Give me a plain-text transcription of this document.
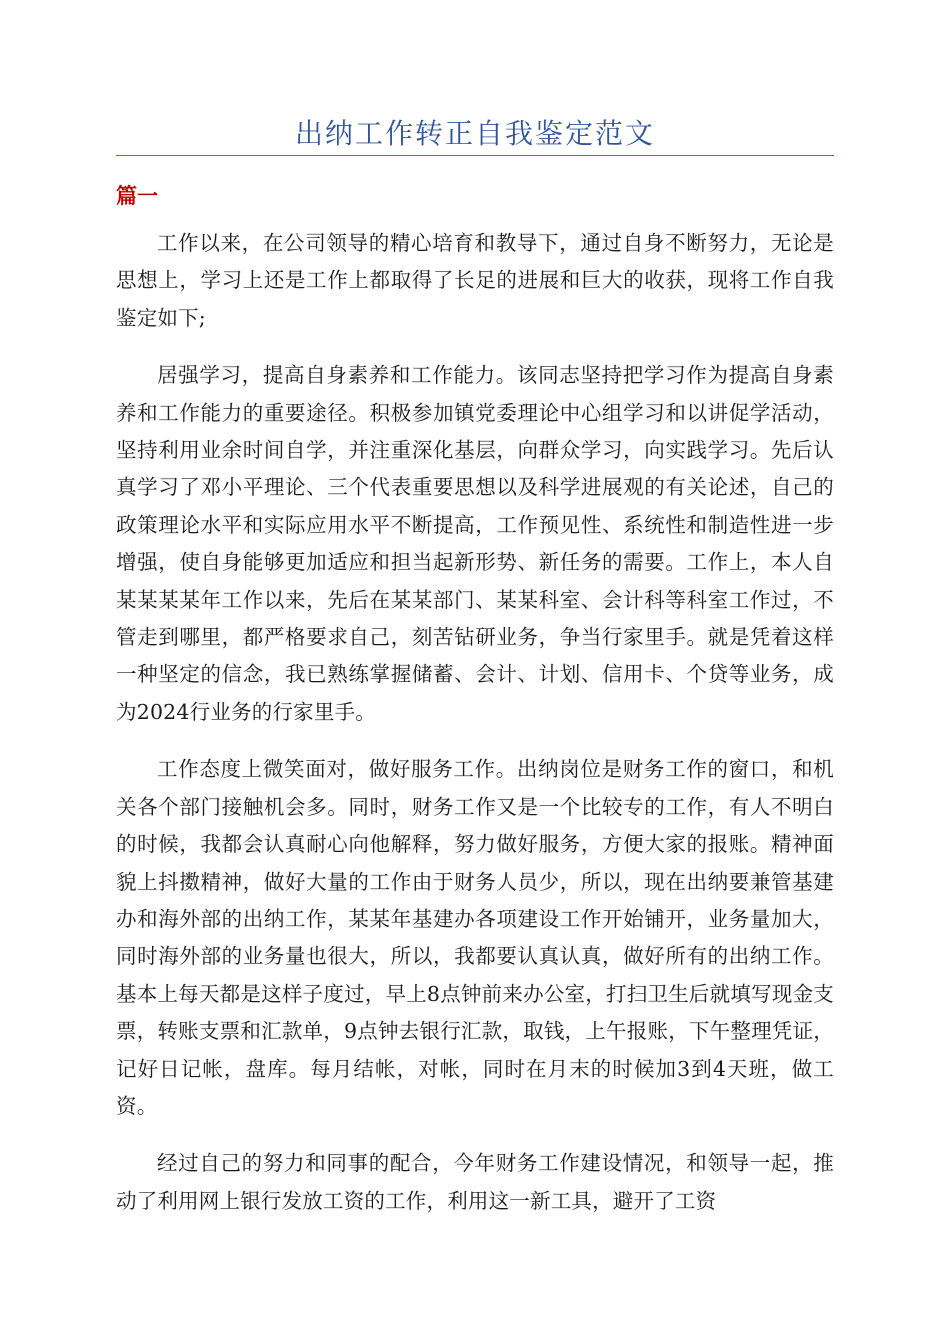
出纳工作转正自我鉴定范文
篇一

工作以来，在公司领导的精心培育和教导下，通过自身不断努力，无论是思想上，学习上还是工作上都取得了长足的进展和巨大的收获，现将工作自我鉴定如下;

居强学习，提高自身素养和工作能力。该同志坚持把学习作为提高自身素养和工作能力的重要途径。积极参加镇党委理论中心组学习和以讲促学活动，坚持利用业余时间自学，并注重深化基层，向群众学习，向实践学习。先后认真学习了邓小平理论、三个代表重要思想以及科学进展观的有关论述，自己的政策理论水平和实际应用水平不断提高，工作预见性、系统性和制造性进一步增强，使自身能够更加适应和担当起新形势、新任务的需要。工作上，本人自某某某某年工作以来，先后在某某部门、某某科室、会计科等科室工作过，不管走到哪里，都严格要求自己，刻苦钻研业务，争当行家里手。就是凭着这样一种坚定的信念，我已熟练掌握储蓄、会计、计划、信用卡、个贷等业务，成为2024行业务的行家里手。

工作态度上微笑面对，做好服务工作。出纳岗位是财务工作的窗口，和机关各个部门接触机会多。同时，财务工作又是一个比较专的工作，有人不明白的时候，我都会认真耐心向他解释，努力做好服务，方便大家的报账。精神面貌上抖擞精神，做好大量的工作由于财务人员少，所以，现在出纳要兼管基建办和海外部的出纳工作，某某年基建办各项建设工作开始铺开，业务量加大，同时海外部的业务量也很大，所以，我都要认真认真，做好所有的出纳工作。基本上每天都是这样子度过，早上8点钟前来办公室，打扫卫生后就填写现金支票，转账支票和汇款单，9点钟去银行汇款，取钱，上午报账，下午整理凭证，记好日记帐，盘库。每月结帐，对帐，同时在月末的时候加3到4天班，做工资。

经过自己的努力和同事的配合，今年财务工作建设情况，和领导一起，推动了利用网上银行发放工资的工作，利用这一新工具，避开了工资
